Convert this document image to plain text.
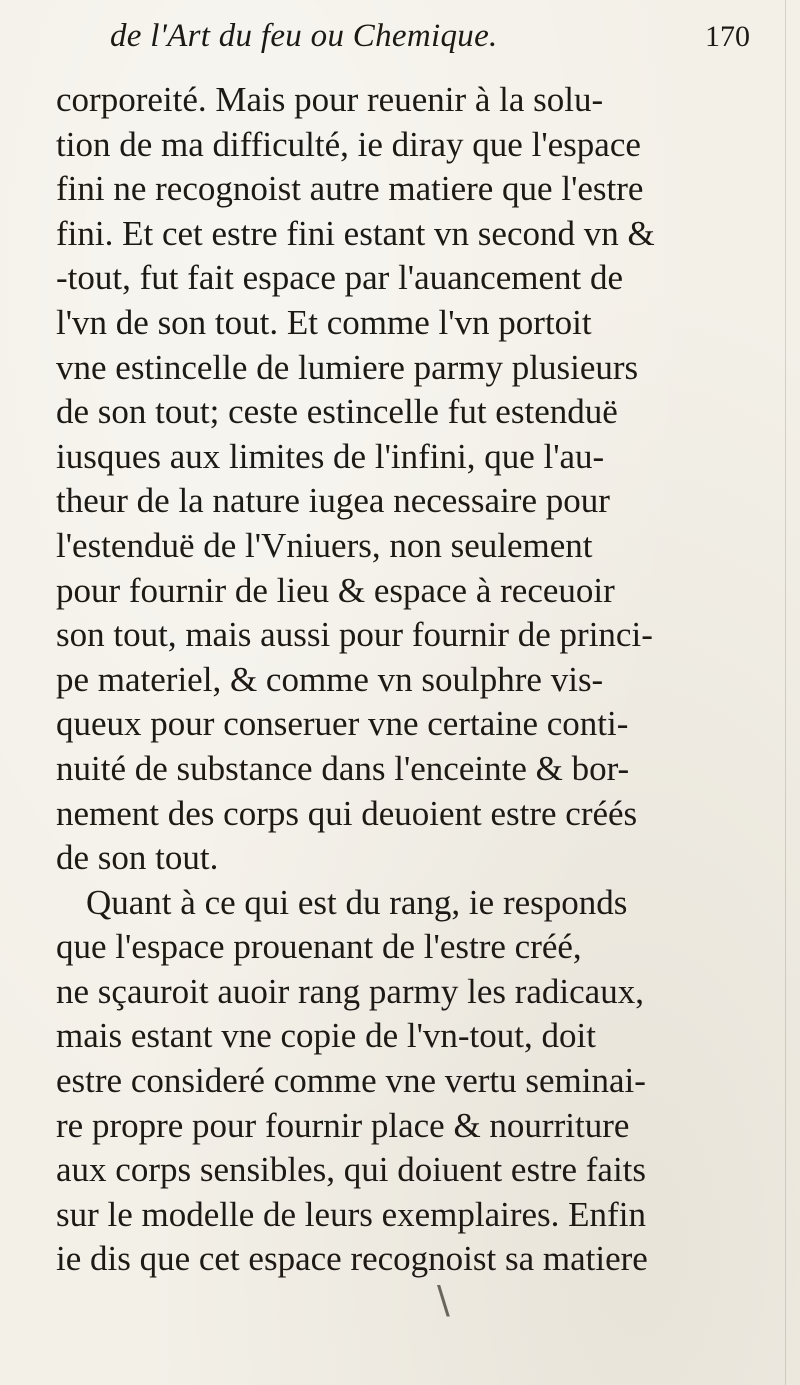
de l'Art du feu ou Chemique.	170
corporeité. Mais pour reuenir à la solu-
tion de ma difficulté, ie diray que l'espace
fini ne recognoist autre matiere que l'estre
fini. Et cet estre fini estant vn second vn &
-tout, fut fait espace par l'auancement de
l'vn de son tout. Et comme l'vn portoit
vne estincelle de lumiere parmy plusieurs
de son tout; ceste estincelle fut estenduë
iusques aux limites de l'infini, que l'au-
theur de la nature iugea necessaire pour
l'estenduë de l'Vniuers, non seulement
pour fournir de lieu & espace à receuoir
son tout, mais aussi pour fournir de princi-
pe materiel, & comme vn soulphre vis-
queux pour conseruer vne certaine conti-
nuité de substance dans l'enceinte & bor-
nement des corps qui deuoient estre créés
de son tout.
Quant à ce qui est du rang, ie responds
que l'espace prouenant de l'estre créé,
ne sçauroit auoir rang parmy les radicaux,
mais estant vne copie de l'vn-tout, doit
estre consideré comme vne vertu seminai-
re propre pour fournir place & nourriture
aux corps sensibles, qui doiuent estre faits
sur le modelle de leurs exemplaires. Enfin
ie dis que cet espace recognoist sa matiere
\
